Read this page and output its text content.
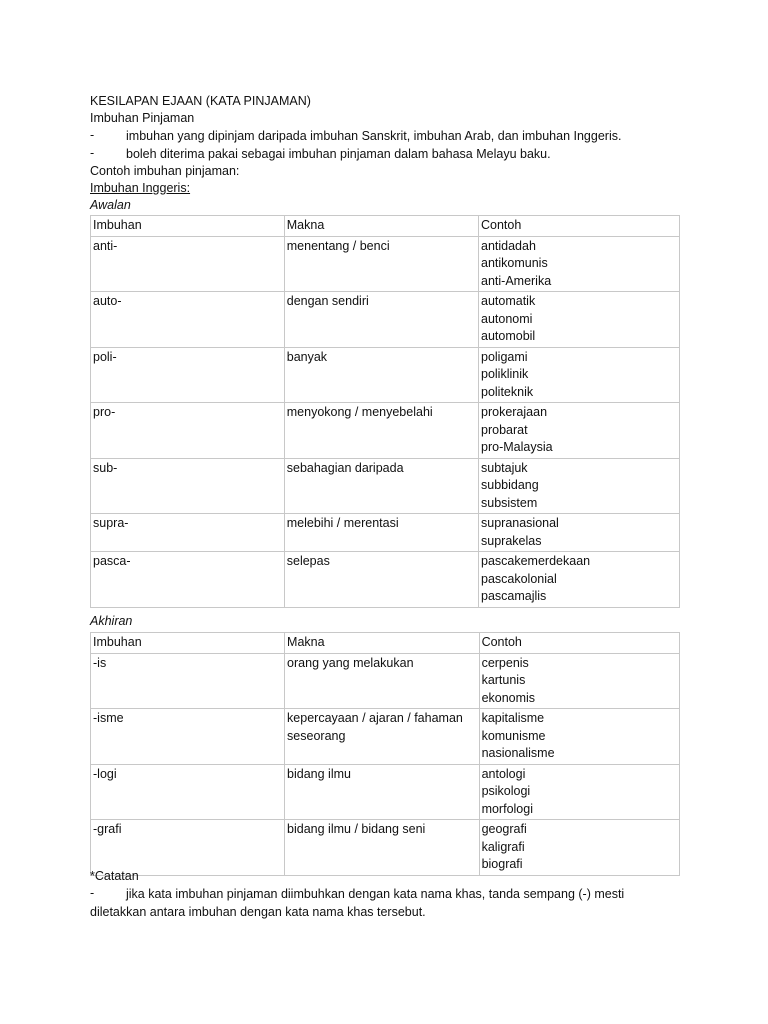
KESILAPAN EJAAN (KATA PINJAMAN)
Imbuhan Pinjaman
-	imbuhan yang dipinjam daripada imbuhan Sanskrit, imbuhan Arab, dan imbuhan Inggeris.
-	boleh diterima pakai sebagai imbuhan pinjaman dalam bahasa Melayu baku.
Contoh imbuhan pinjaman:
Imbuhan Inggeris:
Awalan
Imbuhan	Makna	Contoh
anti-	menentang / benci	antidadah
antikomunis
anti-Amerika

auto-	dengan sendiri	automatik
autonomi
automobil

poli-	banyak	poligami
poliklinik
politeknik

pro-	menyokong / menyebelahi	prokerajaan
probarat
pro-Malaysia

sub-	sebahagian daripada	subtajuk
subbidang
subsistem

supra-	melebihi / merentasi	supranasional
suprakelas

pasca-	selepas	pascakemerdekaan
pascakolonial
pascamajlis
Akhiran
Imbuhan	Makna	Contoh
-is	orang yang melakukan	cerpenis
kartunis
ekonomis

-isme	kepercayaan / ajaran / fahaman seseorang	kapitalisme
komunisme
nasionalisme

-logi	bidang ilmu	antologi
psikologi
morfologi

-grafi	bidang ilmu / bidang seni	geografi
kaligrafi
biografi
*Catatan
-	jika kata imbuhan pinjaman diimbuhkan dengan kata nama khas, tanda sempang (-) mesti
diletakkan antara imbuhan dengan kata nama khas tersebut.
